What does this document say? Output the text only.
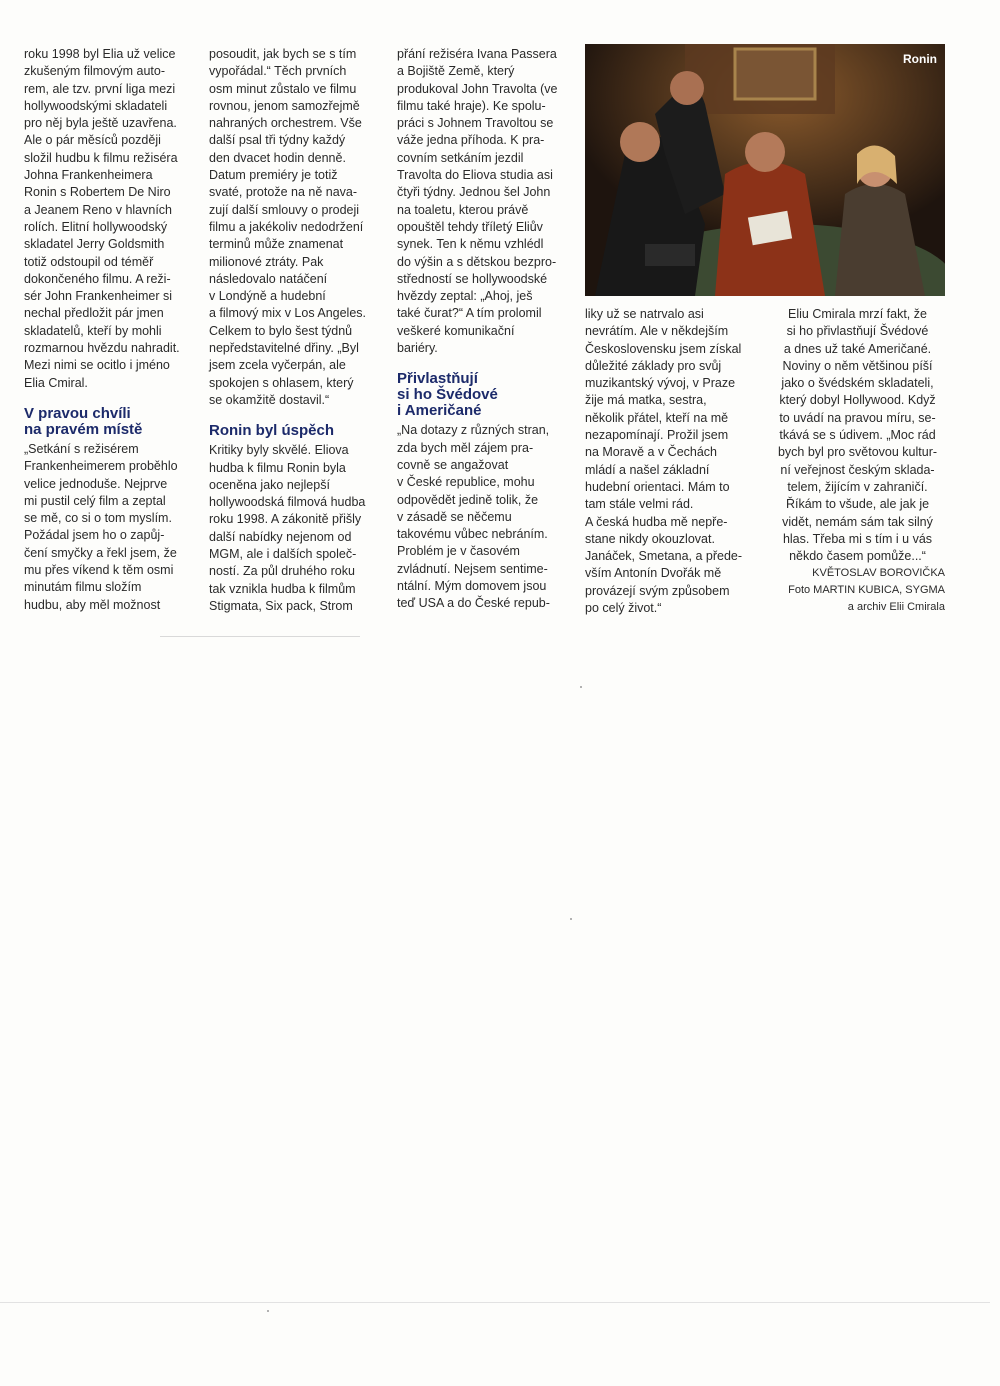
Ronin

roku 1998 byl Elia už velice
zkušeným filmovým auto-
rem, ale tzv. první liga mezi
hollywoodskými skladateli
pro něj byla ještě uzavřena.
Ale o pár měsíců později
složil hudbu k filmu režiséra
Johna Frankenheimera
Ronin s Robertem De Niro
a Jeanem Reno v hlavních
rolích. Elitní hollywoodský
skladatel Jerry Goldsmith
totiž odstoupil od téměř
dokončeného filmu. A reži-
sér John Frankenheimer si
nechal předložit pár jmen
skladatelů, kteří by mohli
rozmarnou hvězdu nahradit.
Mezi nimi se ocitlo i jméno
Elia Cmiral.

V pravou chvíli
na pravém místě

„Setkání s režisérem
Frankenheimerem proběhlo
velice jednoduše. Nejprve
mi pustil celý film a zeptal
se mě, co si o tom myslím.
Požádal jsem ho o zapůj-
čení smyčky a řekl jsem, že
mu přes víkend k těm osmi
minutám filmu složím
hudbu, aby měl možnost

posoudit, jak bych se s tím
vypořádal.“ Těch prvních
osm minut zůstalo ve filmu
rovnou, jenom samozřejmě
nahraných orchestrem. Vše
další psal tři týdny každý
den dvacet hodin denně.
Datum premiéry je totiž
svaté, protože na ně nava-
zují další smlouvy o prodeji
filmu a jakékoliv nedodržení
terminů může znamenat
milionové ztráty. Pak
následovalo natáčení
v Londýně a hudební
a filmový mix v Los Angeles.
Celkem to bylo šest týdnů
nepředstavitelné dřiny. „Byl
jsem zcela vyčerpán, ale
spokojen s ohlasem, který
se okamžitě dostavil.“

Ronin byl úspěch

Kritiky byly skvělé. Eliova
hudba k filmu Ronin byla
oceněna jako nejlepší
hollywoodská filmová hudba
roku 1998. A zákonitě přišly
další nabídky nejenom od
MGM, ale i dalších společ-
ností. Za půl druhého roku
tak vznikla hudba k filmům
Stigmata, Six pack, Strom

přání režiséra Ivana Passera
a Bojiště Země, který
produkoval John Travolta (ve
filmu také hraje). Ke spolu-
práci s Johnem Travoltou se
váže jedna příhoda. K pra-
covním setkáním jezdil
Travolta do Eliova studia asi
čtyři týdny. Jednou šel John
na toaletu, kterou právě
opouštěl tehdy tříletý Eliův
synek. Ten k němu vzhlédl
do výšin a s dětskou bezpro-
středností se hollywoodské
hvězdy zeptal: „Ahoj, ješ
také čurat?“ A tím prolomil
veškeré komunikační
bariéry.

Přivlastňují
si ho Švédové
i Američané

„Na dotazy z různých stran,
zda bych měl zájem pra-
covně se angažovat
v České republice, mohu
odpovědět jedině tolik, že
v zásadě se něčemu
takovému vůbec nebráním.
Problém je v časovém
zvládnutí. Nejsem sentime-
ntální. Mým domovem jsou
teď USA a do České repub-

liky už se natrvalo asi
nevrátím. Ale v někdejším
Československu jsem získal
důležité základy pro svůj
muzikantský vývoj, v Praze
žije má matka, sestra,
několik přátel, kteří na mě
nezapomínají. Prožil jsem
na Moravě a v Čechách
mládí a našel základní
hudební orientaci. Mám to
tam stále velmi rád.
A česká hudba mě nepře-
stane nikdy okouzlovat.
Janáček, Smetana, a přede-
vším Antonín Dvořák mě
provázejí svým způsobem
po celý život.“

Eliu Cmirala mrzí fakt, že
si ho přivlastňují Švédové
a dnes už také Američané.
Noviny o něm většinou píší
jako o švédském skladateli,
který dobyl Hollywood. Když
to uvádí na pravou míru, se-
tkává se s údivem. „Moc rád
bych byl pro světovou kultur-
ní veřejnost českým sklada-
telem, žijícím v zahraničí.
Říkám to všude, ale jak je
vidět, nemám sám tak silný
hlas. Třeba mi s tím i u vás
někdo časem pomůže...“

KVĚTOSLAV BOROVIČKA
Foto MARTIN KUBICA, SYGMA
a archiv Elii Cmirala
